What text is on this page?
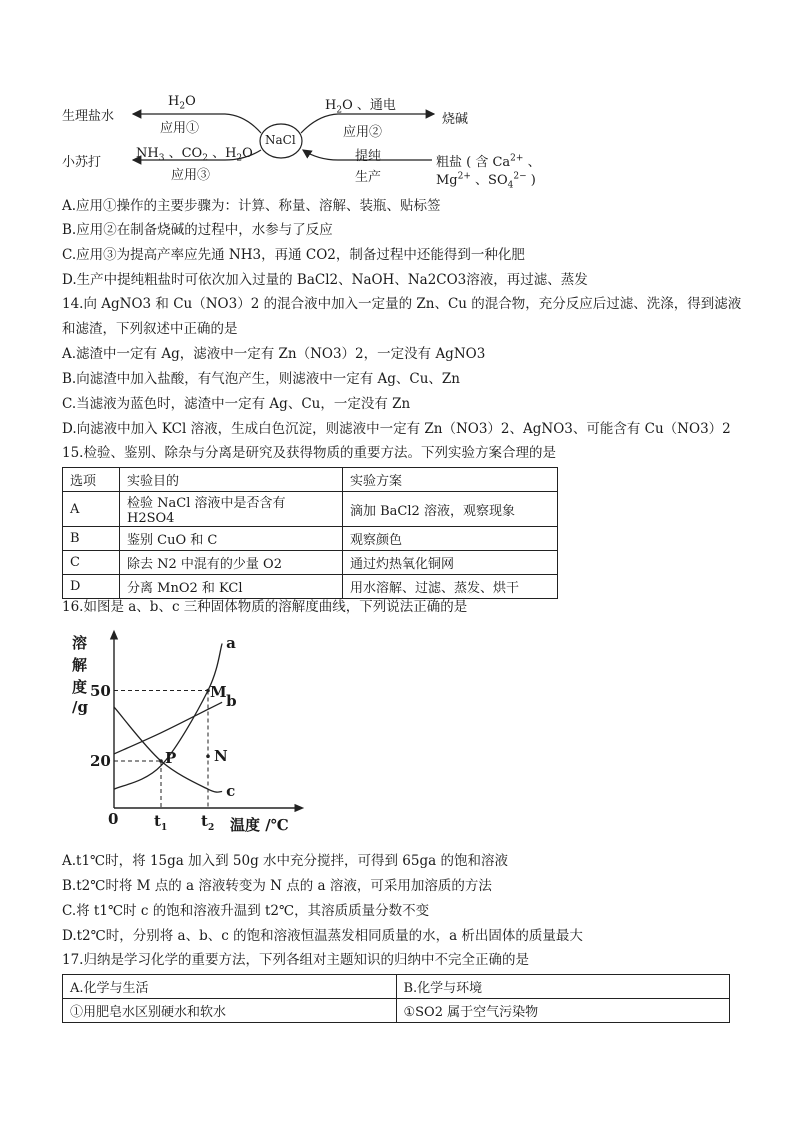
生理盐水
$H_2O$
应用①
NaCl
$H_2O$ 、通电
应用②
烧碱
小苏打
$NH_3$ 、$CO_2$ 、$H_2O$
应用③
提纯
生产
粗盐 ( 含 $Ca^{2+}$ 、
$Mg^{2+}$ 、$SO_4^{2-}$ )
A.应用①操作的主要步骤为：计算、称量、溶解、装瓶、贴标签
B.应用②在制备烧碱的过程中，水参与了反应
C.应用③为提高产率应先通 NH3，再通 CO2，制备过程中还能得到一种化肥
D.生产中提纯粗盐时可依次加入过量的 BaCl2、NaOH、Na2CO3溶液，再过滤、蒸发
14.向 AgNO3 和 Cu（NO3）2 的混合液中加入一定量的 Zn、Cu 的混合物，充分反应后过滤、洗涤，得到滤液
和滤渣，下列叙述中正确的是
A.滤渣中一定有 Ag，滤液中一定有 Zn（NO3）2，一定没有 AgNO3
B.向滤渣中加入盐酸，有气泡产生，则滤液中一定有 Ag、Cu、Zn
C.当滤液为蓝色时，滤渣中一定有 Ag、Cu，一定没有 Zn
D.向滤液中加入 KCl 溶液，生成白色沉淀，则滤液中一定有 Zn（NO3）2、AgNO3、可能含有 Cu（NO3）2
15.检验、鉴别、除杂与分离是研究及获得物质的重要方法。下列实验方案合理的是
选项	实验目的	实验方案
A	检验 NaCl 溶液中是否含有 H2SO4	滴加 BaCl2 溶液，观察现象
B	鉴别 CuO 和 C	观察颜色
C	除去 N2 中混有的少量 O2	通过灼热氧化铜网
D	分离 MnO2 和 KCl	用水溶解、过滤、蒸发、烘干
16.如图是 a、b、c 三种固体物质的溶解度曲线，下列说法正确的是
a
b
c
M
N
P
溶
解
度
/g
20
50
0 $t_1$ $t_2$ 温度 /℃
A.t1℃时，将 15ga 加入到 50g 水中充分搅拌，可得到 65ga 的饱和溶液
B.t2℃时将 M 点的 a 溶液转变为 N 点的 a 溶液，可采用加溶质的方法
C.将 t1℃时 c 的饱和溶液升温到 t2℃，其溶质质量分数不变
D.t2℃时，分别将 a、b、c 的饱和溶液恒温蒸发相同质量的水，a 析出固体的质量最大
17.归纳是学习化学的重要方法，下列各组对主题知识的归纳中不完全正确的是
A.化学与生活	B.化学与环境
①用肥皂水区别硬水和软水	①SO2 属于空气污染物
